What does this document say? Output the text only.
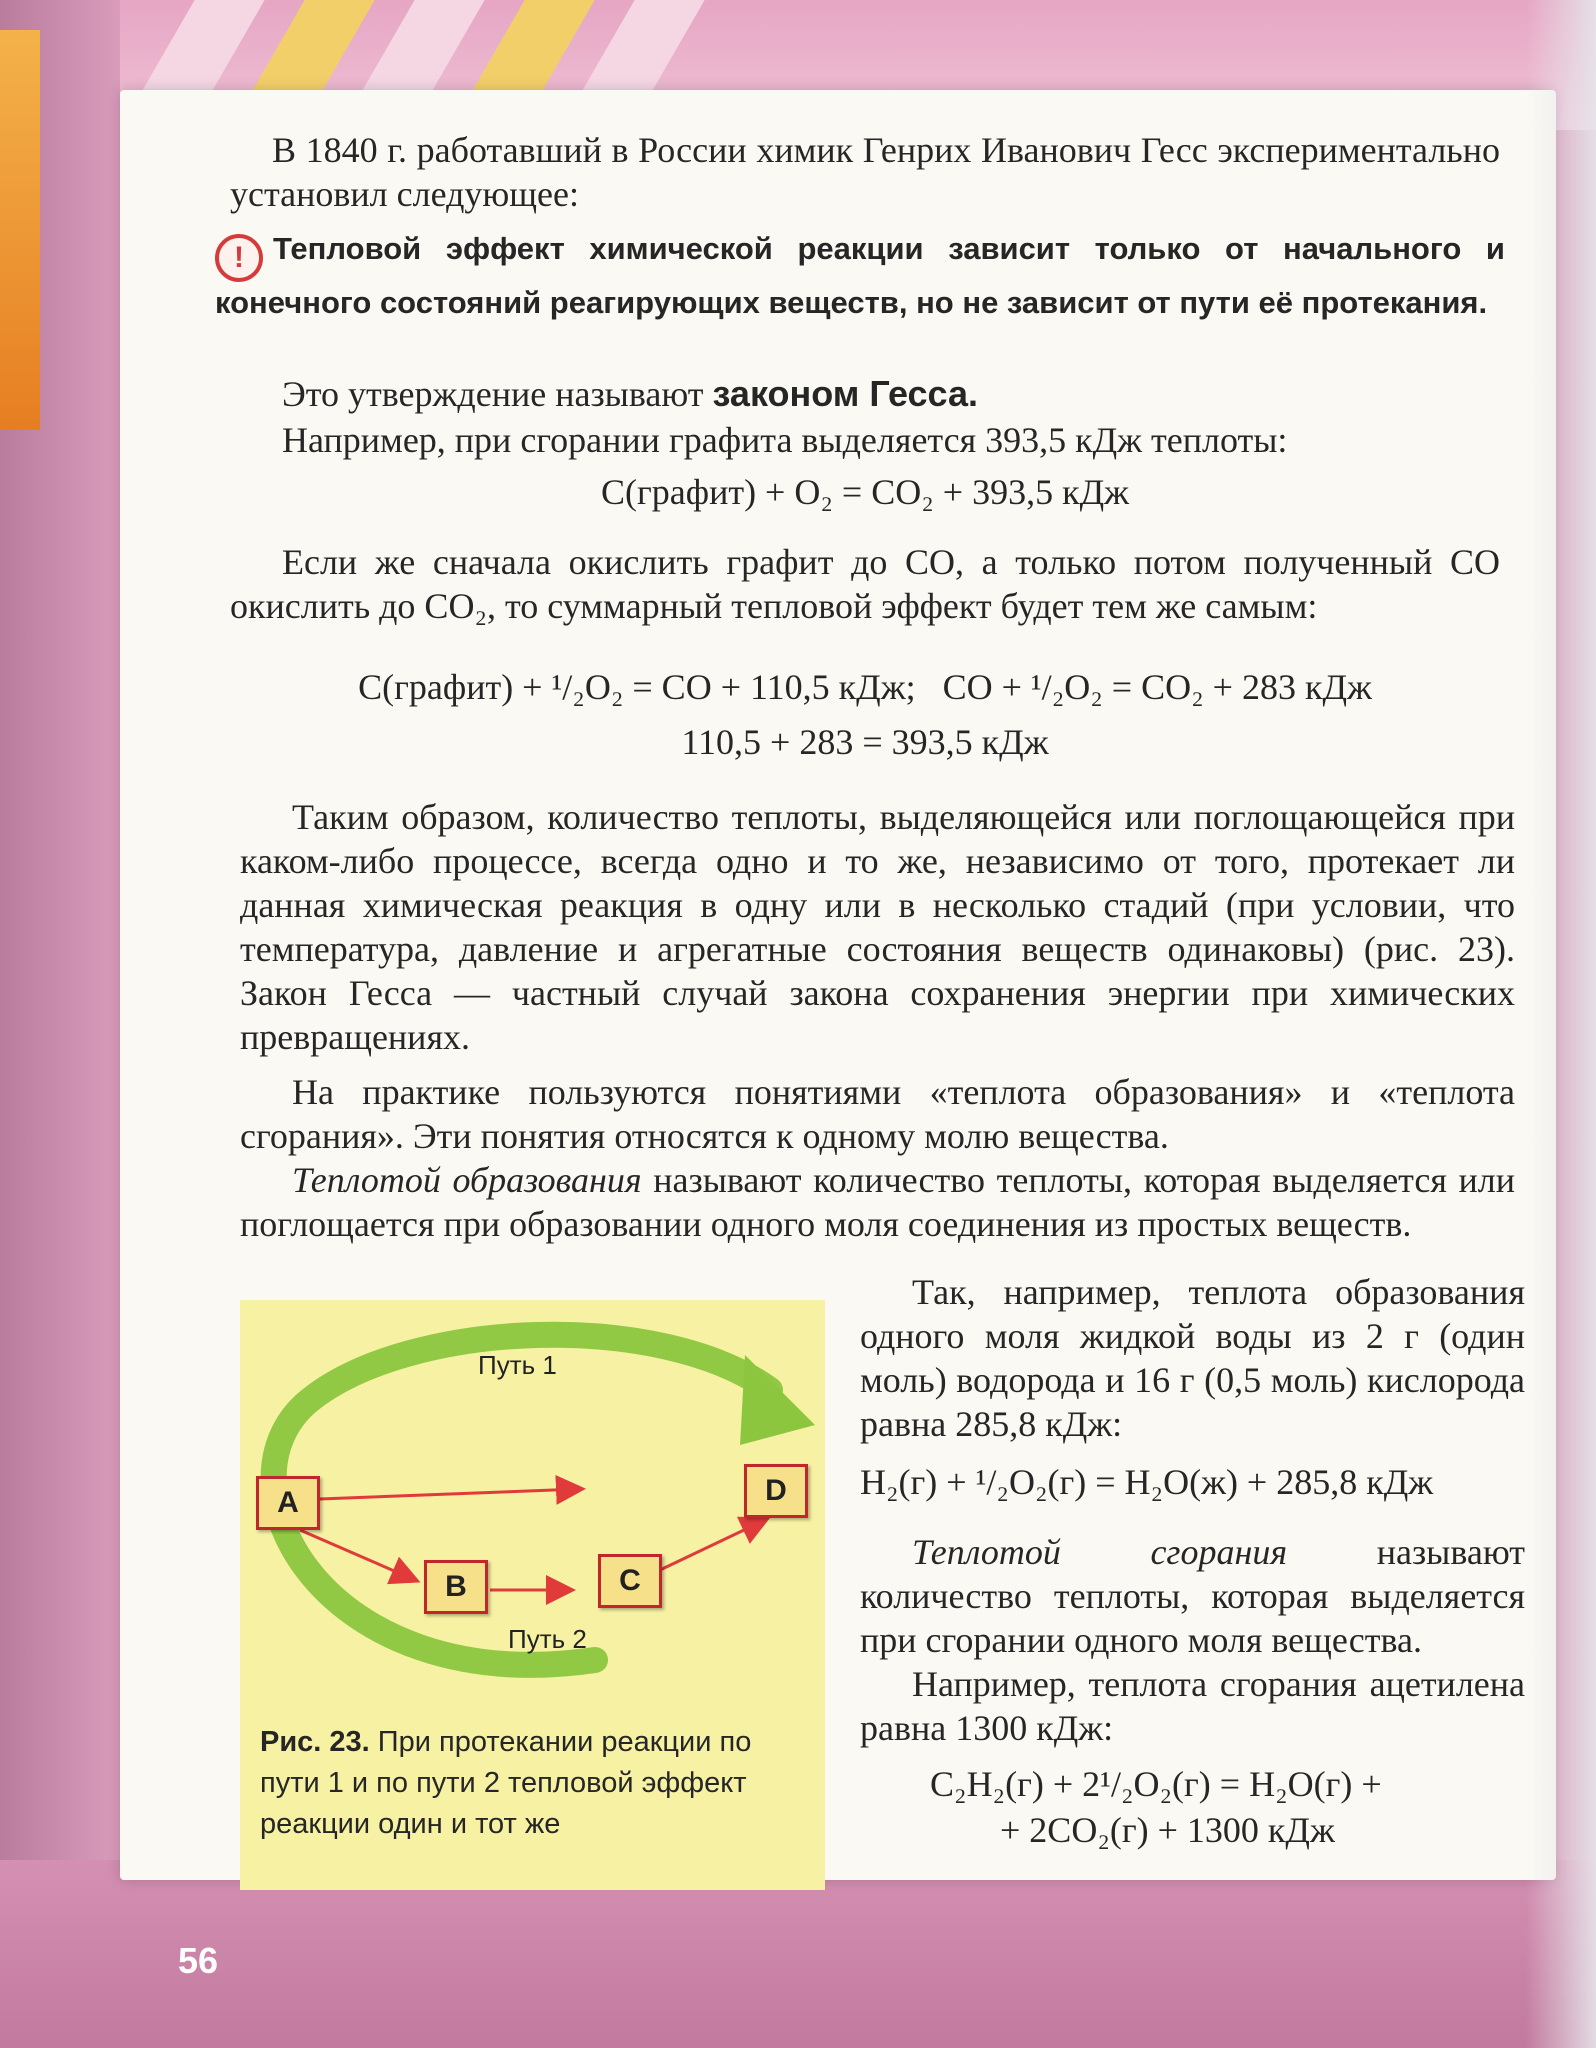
В 1840 г. работавший в России химик Генрих Иванович Гесс экспериментально установил следующее:

! Тепловой эффект химической реакции зависит только от начального и конечного состояний реагирующих веществ, но не зависит от пути её протекания.

Это утверждение называют законом Гесса.

Например, при сгорании графита выделяется 393,5 кДж теплоты:

C(графит) + O₂ = CO₂ + 393,5 кДж

Если же сначала окислить графит до CO, а только потом полученный CO окислить до CO₂, то суммарный тепловой эффект будет тем же самым:

C(графит) + ¹/₂O₂ = CO + 110,5 кДж;   CO + ¹/₂O₂ = CO₂ + 283 кДж

110,5 + 283 = 393,5 кДж

Таким образом, количество теплоты, выделяющейся или поглощающейся при каком-либо процессе, всегда одно и то же, независимо от того, протекает ли данная химическая реакция в одну или в несколько стадий (при условии, что температура, давление и агрегатные состояния веществ одинаковы) (рис. 23). Закон Гесса — частный случай закона сохранения энергии при химических превращениях.

На практике пользуются понятиями «теплота образования» и «теплота сгорания». Эти понятия относятся к одному молю вещества.

Теплотой образования называют количество теплоты, которая выделяется или поглощается при образовании одного моля соединения из простых веществ.

Так, например, теплота образования одного моля жидкой воды из 2 г (один моль) водорода и 16 г (0,5 моль) кислорода равна 285,8 кДж:

H₂(г) + ¹/₂O₂(г) = H₂O(ж) + 285,8 кДж

Теплотой сгорания называют количество теплоты, которая выделяется при сгорании одного моля вещества.

Например, теплота сгорания ацетилена равна 1300 кДж:

C₂H₂(г) + 2¹/₂O₂(г) = H₂O(г) +

+ 2CO₂(г) + 1300 кДж

Путь 1
Путь 2
A
B	C
D
Рис. 23. При протекании реакции по пути 1 и по пути 2 тепловой эффект реакции один и тот же
56
